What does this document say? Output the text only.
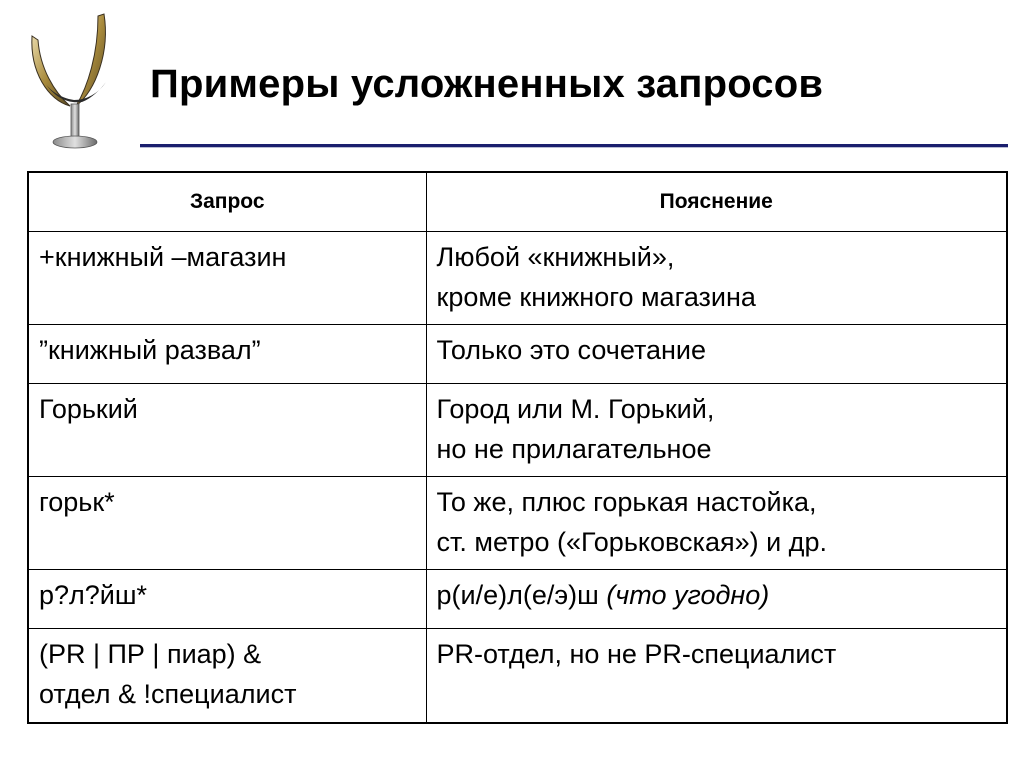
Примеры усложненных запросов
Запрос	Пояснение

+книжный –магазин	Любой «книжный»,
кроме книжного магазина

”книжный развал”	Только это сочетание

Горький	Город или М. Горький,
но не прилагательное

горьк*	То же, плюс горькая настойка,
ст. метро («Горьковская») и др.

р?л?йш*	р(и/е)л(е/э)ш (что угодно)

(PR | ПР | пиар) &
отдел & !специалист	PR-отдел, но не PR-специалист
